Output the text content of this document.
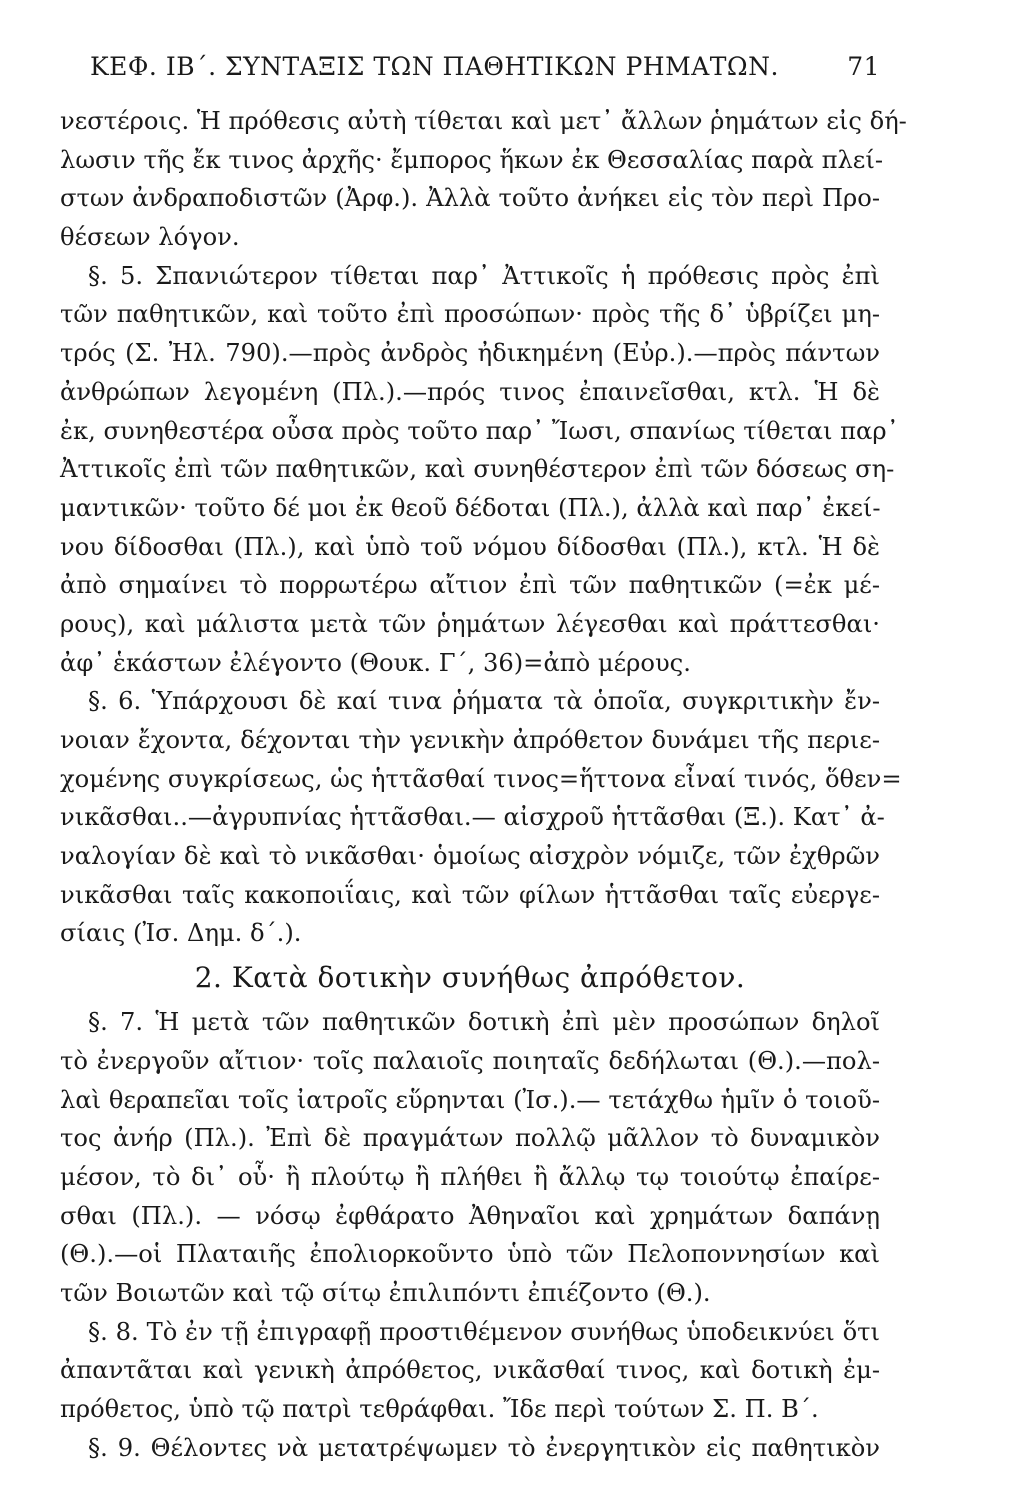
ΚΕΦ. ΙΒ΄. ΣΥΝΤΑΞΙΣ ΤΩΝ ΠΑΘΗΤΙΚΩΝ ΡΗΜΑΤΩΝ.	71
νεστέροις. Ἡ πρόθεσις αὐτὴ τίθεται καὶ μετ᾽ ἄλλων ῥημάτων εἰς δή-
λωσιν τῆς ἔκ τινος ἀρχῆς· ἔμπορος ἥκων ἐκ Θεσσαλίας παρὰ πλεί-
στων ἀνδραποδιστῶν (Ἀρφ.). Ἀλλὰ τοῦτο ἀνήκει εἰς τὸν περὶ Προ-
θέσεων λόγον.
§. 5. Σπανιώτερον τίθεται παρ᾽ Ἀττικοῖς ἡ πρόθεσις πρὸς ἐπὶ
τῶν παθητικῶν, καὶ τοῦτο ἐπὶ προσώπων· πρὸς τῆς δ᾽ ὑβρίζει μη-
τρός (Σ. Ἠλ. 790).—πρὸς ἀνδρὸς ἠδικημένη (Εὐρ.).—πρὸς πάντων
ἀνθρώπων λεγομένη (Πλ.).—πρός τινος ἐπαινεῖσθαι, κτλ. Ἡ δὲ
ἐκ, συνηθεστέρα οὖσα πρὸς τοῦτο παρ᾽ Ἴωσι, σπανίως τίθεται παρ᾽
Ἀττικοῖς ἐπὶ τῶν παθητικῶν, καὶ συνηθέστερον ἐπὶ τῶν δόσεως ση-
μαντικῶν· τοῦτο δέ μοι ἐκ θεοῦ δέδοται (Πλ.), ἀλλὰ καὶ παρ᾽ ἐκεί-
νου δίδοσθαι (Πλ.), καὶ ὑπὸ τοῦ νόμου δίδοσθαι (Πλ.), κτλ. Ἡ δὲ
ἀπὸ σημαίνει τὸ πορρωτέρω αἴτιον ἐπὶ τῶν παθητικῶν (=ἐκ μέ-
ρους), καὶ μάλιστα μετὰ τῶν ῥημάτων λέγεσθαι καὶ πράττεσθαι·
ἀφ᾽ ἑκάστων ἐλέγοντο (Θουκ. Γ΄, 36)=ἀπὸ μέρους.
§. 6. Ὑπάρχουσι δὲ καί τινα ῥήματα τὰ ὁποῖα, συγκριτικὴν ἔν-
νοιαν ἔχοντα, δέχονται τὴν γενικὴν ἀπρόθετον δυνάμει τῆς περιε-
χομένης συγκρίσεως, ὡς ἡττᾶσθαί τινος=ἥττονα εἶναί τινός, ὅθεν=
νικᾶσθαι..—ἀγρυπνίας ἡττᾶσθαι.— αἰσχροῦ ἡττᾶσθαι (Ξ.). Κατ᾽ ἀ-
ναλογίαν δὲ καὶ τὸ νικᾶσθαι· ὁμοίως αἰσχρὸν νόμιζε, τῶν ἐχθρῶν
νικᾶσθαι ταῖς κακοποιΐαις, καὶ τῶν φίλων ἡττᾶσθαι ταῖς εὐεργε-
σίαις (Ἰσ. Δημ. δ΄.).
2. Κατὰ δοτικὴν συνήθως ἀπρόθετον.
§. 7. Ἡ μετὰ τῶν παθητικῶν δοτικὴ ἐπὶ μὲν προσώπων δηλοῖ
τὸ ἐνεργοῦν αἴτιον· τοῖς παλαιοῖς ποιηταῖς δεδήλωται (Θ.).—πολ-
λαὶ θεραπεῖαι τοῖς ἰατροῖς εὕρηνται (Ἰσ.).— τετάχθω ἡμῖν ὁ τοιοῦ-
τος ἀνήρ (Πλ.). Ἐπὶ δὲ πραγμάτων πολλῷ μᾶλλον τὸ δυναμικὸν
μέσον, τὸ δι᾽ οὗ· ἢ πλούτῳ ἢ πλήθει ἢ ἄλλῳ τῳ τοιούτῳ ἐπαίρε-
σθαι (Πλ.). — νόσῳ ἐφθάρατο Ἀθηναῖοι καὶ χρημάτων δαπάνῃ
(Θ.).—οἱ Πλαταιῆς ἐπολιορκοῦντο ὑπὸ τῶν Πελοποννησίων καὶ
τῶν Βοιωτῶν καὶ τῷ σίτῳ ἐπιλιπόντι ἐπιέζοντο (Θ.).
§. 8. Τὸ ἐν τῇ ἐπιγραφῇ προστιθέμενον συνήθως ὑποδεικνύει ὅτι
ἀπαντᾶται καὶ γενικὴ ἀπρόθετος, νικᾶσθαί τινος, καὶ δοτικὴ ἐμ-
πρόθετος, ὑπὸ τῷ πατρὶ τεθράφθαι. Ἴδε περὶ τούτων Σ. Π. Β΄.
§. 9. Θέλοντες νὰ μετατρέψωμεν τὸ ἐνεργητικὸν εἰς παθητικὸν
